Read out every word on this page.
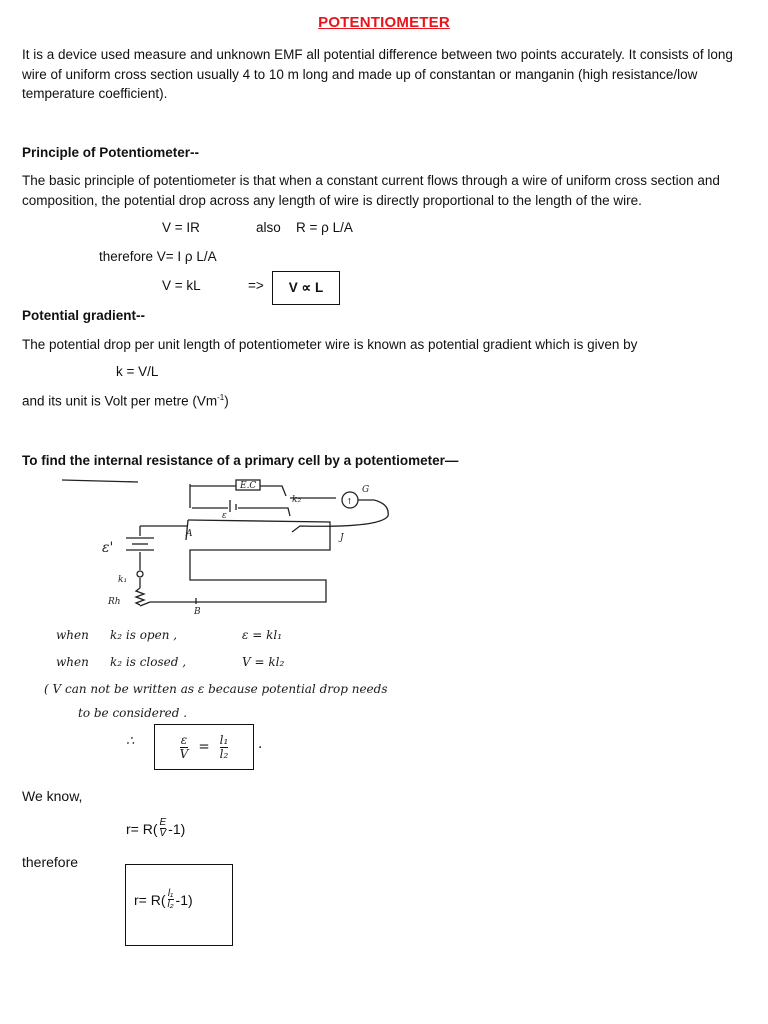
POTENTIOMETER
It is a device used measure and unknown EMF all potential difference between two points accurately. It consists of long wire of uniform cross section usually 4 to 10 m long and made up of constantan or manganin (high resistance/low temperature coefficient).
Principle of Potentiometer--
The basic principle of potentiometer is that when a constant current flows through a wire of uniform cross section and composition, the potential drop across any length of wire is directly proportional to the length of the wire.
V = IR	also R = ρ L/A
therefore V= I ρ L/A
V = kL	=>	V ∝ L
Potential gradient--
The potential drop per unit length of potentiometer wire is known as potential gradient which is given by
k = V/L
and its unit is Volt per metre $(Vm^{-1})$
To find the internal resistance of a primary cell by a potentiometer—
E.C
k₂
ε
G
↑
ε'
k₁
Rh
A
B
J
when k₂ is open ,	ε = kl₁
when k₂ is closed ,	V = kl₂
( V can not be written as ε because potential drop needs
to be considered .
∴	$\frac{\varepsilon}{V} = \frac{\text{l₁}}{\text{l₂}}$ .
We know,
$r= R( \frac{E}{V} -1)$
therefore
$r= R( \frac{\text{l₁}}{\text{l₂}} -1)$
